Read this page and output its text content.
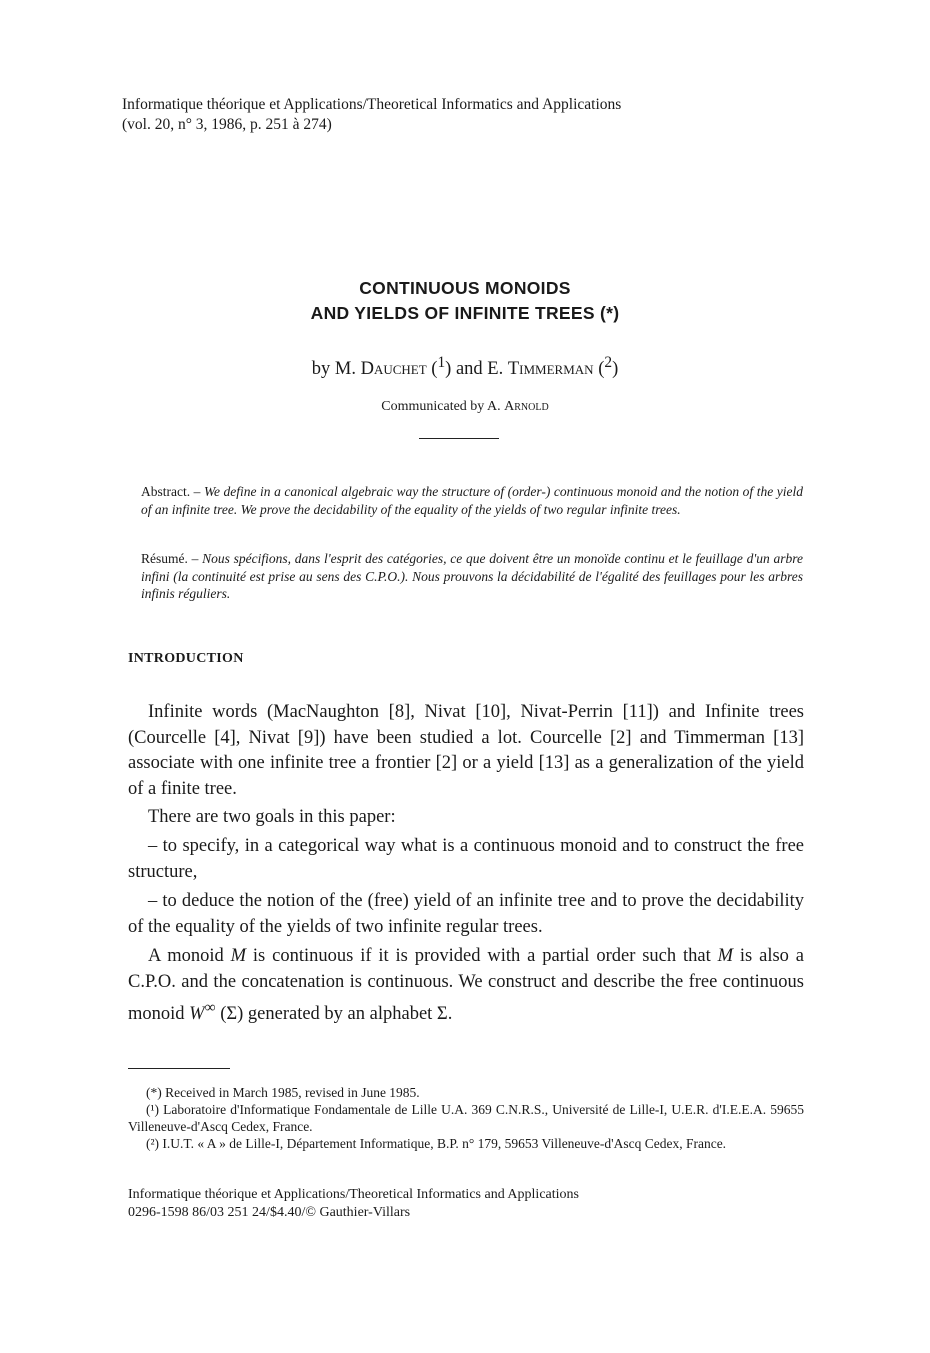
Informatique théorique et Applications/Theoretical Informatics and Applications
(vol. 20, n° 3, 1986, p. 251 à 274)
CONTINUOUS MONOIDS
AND YIELDS OF INFINITE TREES (*)
by M. Dauchet ($^1$) and E. Timmerman ($^2$)
Communicated by A. Arnold
Abstract. – We define in a canonical algebraic way the structure of (order-) continuous monoid and the notion of the yield of an infinite tree. We prove the decidability of the equality of the yields of two regular infinite trees.
Résumé. – Nous spécifions, dans l'esprit des catégories, ce que doivent être un monoïde continu et le feuillage d'un arbre infini (la continuité est prise au sens des C.P.O.). Nous prouvons la décidabilité de l'égalité des feuillages pour les arbres infinis réguliers.
INTRODUCTION
Infinite words (MacNaughton [8], Nivat [10], Nivat-Perrin [11]) and Infinite trees (Courcelle [4], Nivat [9]) have been studied a lot. Courcelle [2] and Timmerman [13] associate with one infinite tree a frontier [2] or a yield [13] as a generalization of the yield of a finite tree.
There are two goals in this paper:
– to specify, in a categorical way what is a continuous monoid and to construct the free structure,
– to deduce the notion of the (free) yield of an infinite tree and to prove the decidability of the equality of the yields of two infinite regular trees.
A monoid M is continuous if it is provided with a partial order such that M is also a C.P.O. and the concatenation is continuous. We construct and describe the free continuous monoid W∞ (Σ) generated by an alphabet Σ.
(*) Received in March 1985, revised in June 1985.
(¹) Laboratoire d'Informatique Fondamentale de Lille U.A. 369 C.N.R.S., Université de Lille-I, U.E.R. d'I.E.E.A. 59655 Villeneuve-d'Ascq Cedex, France.
(²) I.U.T. « A » de Lille-I, Département Informatique, B.P. n° 179, 59653 Villeneuve-d'Ascq Cedex, France.
Informatique théorique et Applications/Theoretical Informatics and Applications
0296-1598 86/03 251 24/$4.40/© Gauthier-Villars
